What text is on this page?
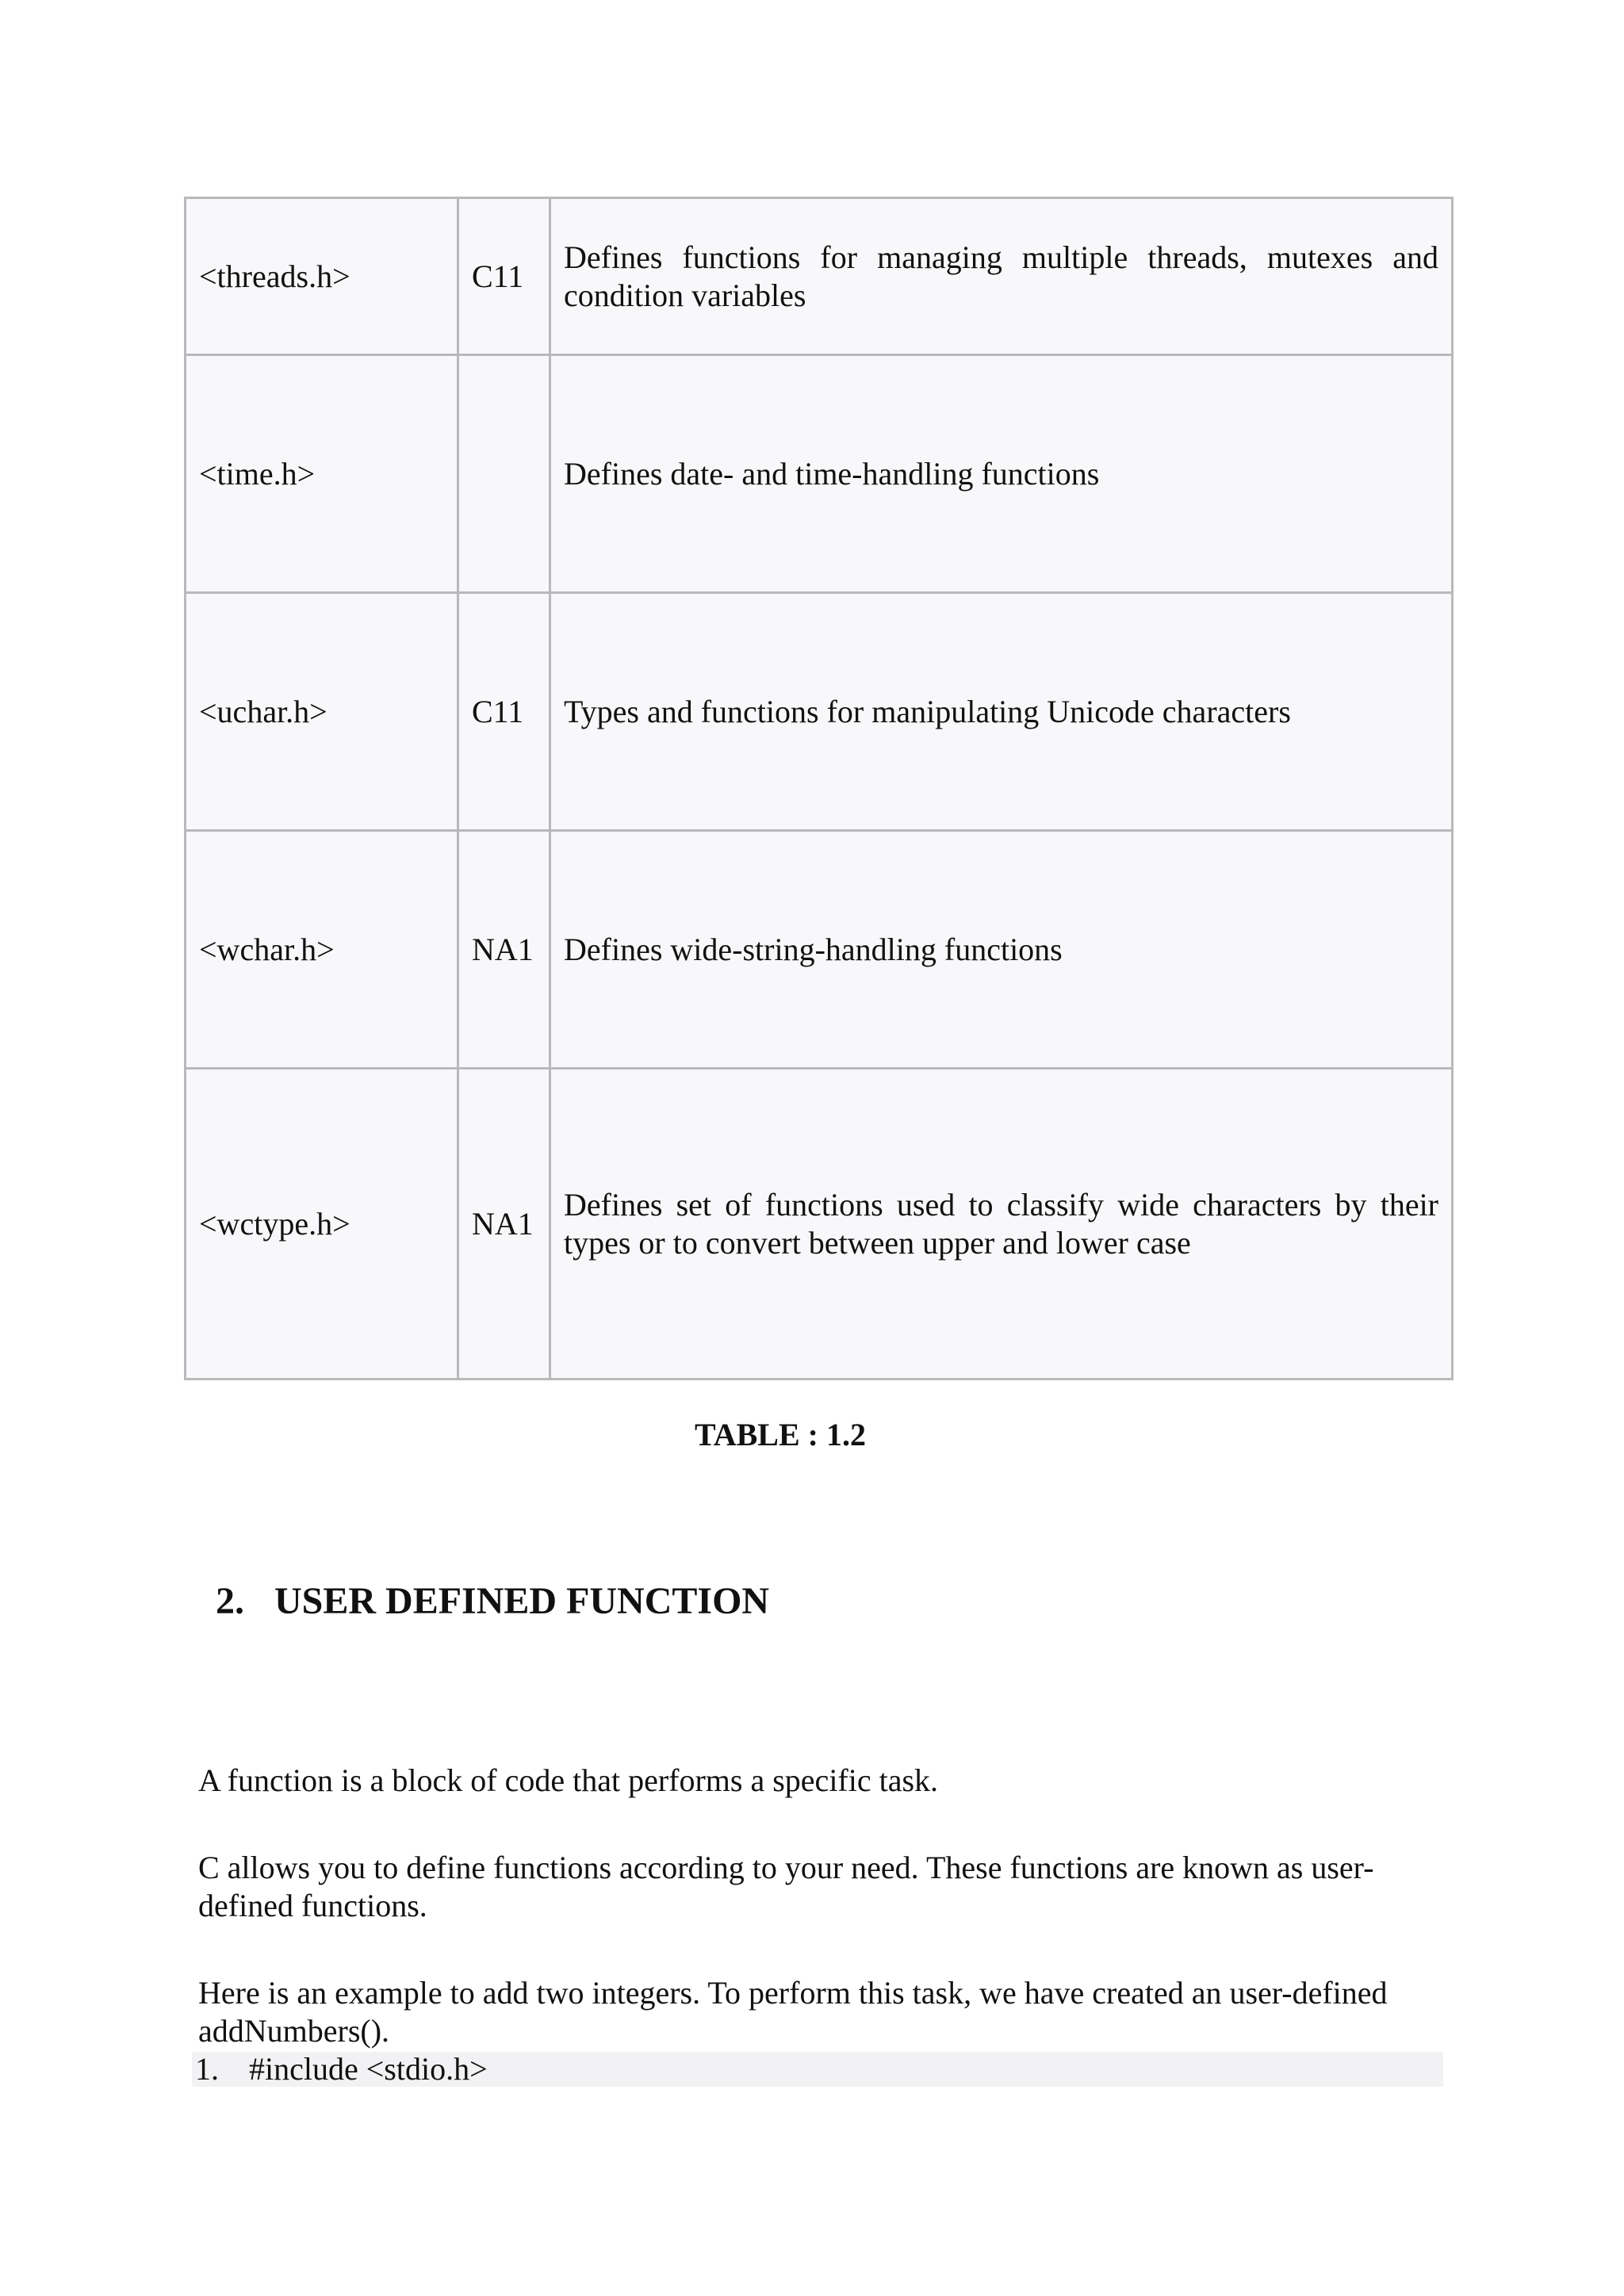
<threads.h>	C11	Defines functions for managing multiple threads, mutexes and condition variables
<time.h>		Defines date- and time-handling functions
<uchar.h>	C11	Types and functions for manipulating Unicode characters
<wchar.h>	NA1	Defines wide-string-handling functions
<wctype.h>	NA1	Defines set of functions used to classify wide characters by their types or to convert between upper and lower case
TABLE : 1.2
2. USER DEFINED FUNCTION
A function is a block of code that performs a specific task.
C allows you to define functions according to your need. These functions are known as user-defined functions.
Here is an example to add two integers. To perform this task, we have created an user-defined addNumbers().
1. #include <stdio.h>
